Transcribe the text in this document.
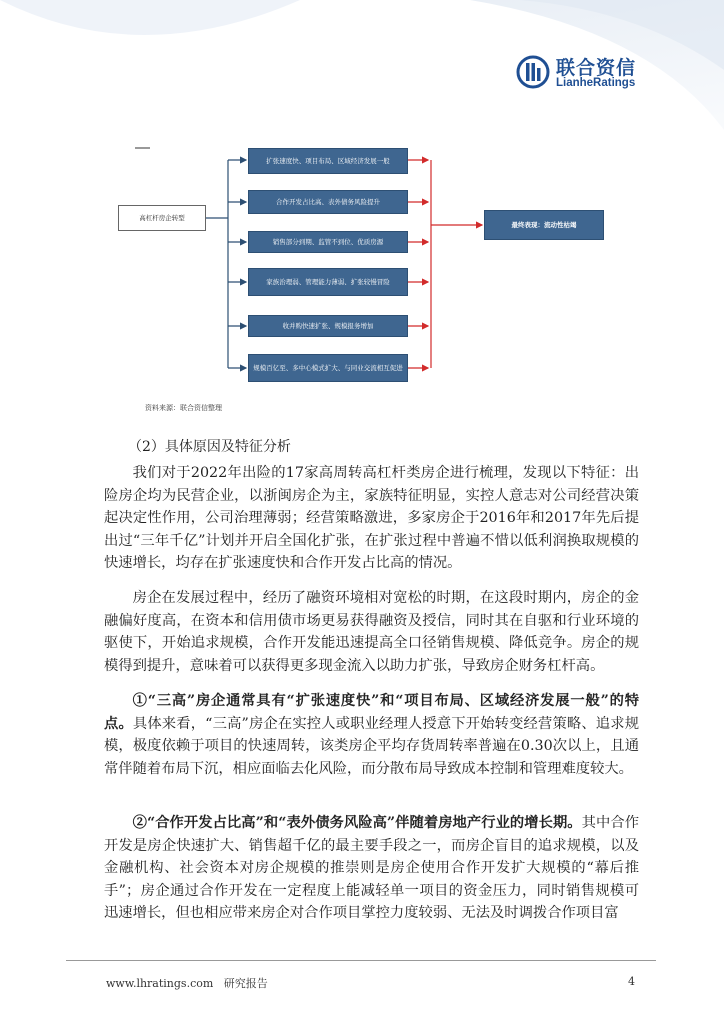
联合资信
LianheRatings
高杠杆房企转型
扩张速度快、项目布局、区域经济发展一般
合作开发占比高、表外债务风险提升
销售部分到期、监管不到位、优质房源
家族治理弱、管理能力薄弱、扩张较慢冒险
收并购快速扩张、规模报务增加
规模百亿至、多中心模式扩大、与同业交流相互促进
最终表现：流动性枯竭
资料来源：联合资信整理
（2）具体原因及特征分析

我们对于2022年出险的17家高周转高杠杆类房企进行梳理，发现以下特征：出险房企均为民营企业，以浙闽房企为主，家族特征明显，实控人意志对公司经营决策起决定性作用，公司治理薄弱；经营策略激进，多家房企于2016年和2017年先后提出过“三年千亿”计划并开启全国化扩张，在扩张过程中普遍不惜以低利润换取规模的快速增长，均存在扩张速度快和合作开发占比高的情况。

房企在发展过程中，经历了融资环境相对宽松的时期，在这段时期内，房企的金融偏好度高，在资本和信用债市场更易获得融资及授信，同时其在自驱和行业环境的驱使下，开始追求规模，合作开发能迅速提高全口径销售规模、降低竞争。房企的规模得到提升，意味着可以获得更多现金流入以助力扩张，导致房企财务杠杆高。

①“三高”房企通常具有“扩张速度快”和“项目布局、区域经济发展一般”的特点。具体来看，“三高”房企在实控人或职业经理人授意下开始转变经营策略、追求规模，极度依赖于项目的快速周转，该类房企平均存货周转率普遍在0.30次以上，且通常伴随着布局下沉，相应面临去化风险，而分散布局导致成本控制和管理难度较大。

②“合作开发占比高”和“表外债务风险高”伴随着房地产行业的增长期。其中合作开发是房企快速扩大、销售超千亿的最主要手段之一，而房企盲目的追求规模，以及金融机构、社会资本对房企规模的推崇则是房企使用合作开发扩大规模的“幕后推手”；房企通过合作开发在一定程度上能减轻单一项目的资金压力，同时销售规模可迅速增长，但也相应带来房企对合作项目掌控力度较弱、无法及时调拨合作项目富

www.lhratings.com 研究报告	4
